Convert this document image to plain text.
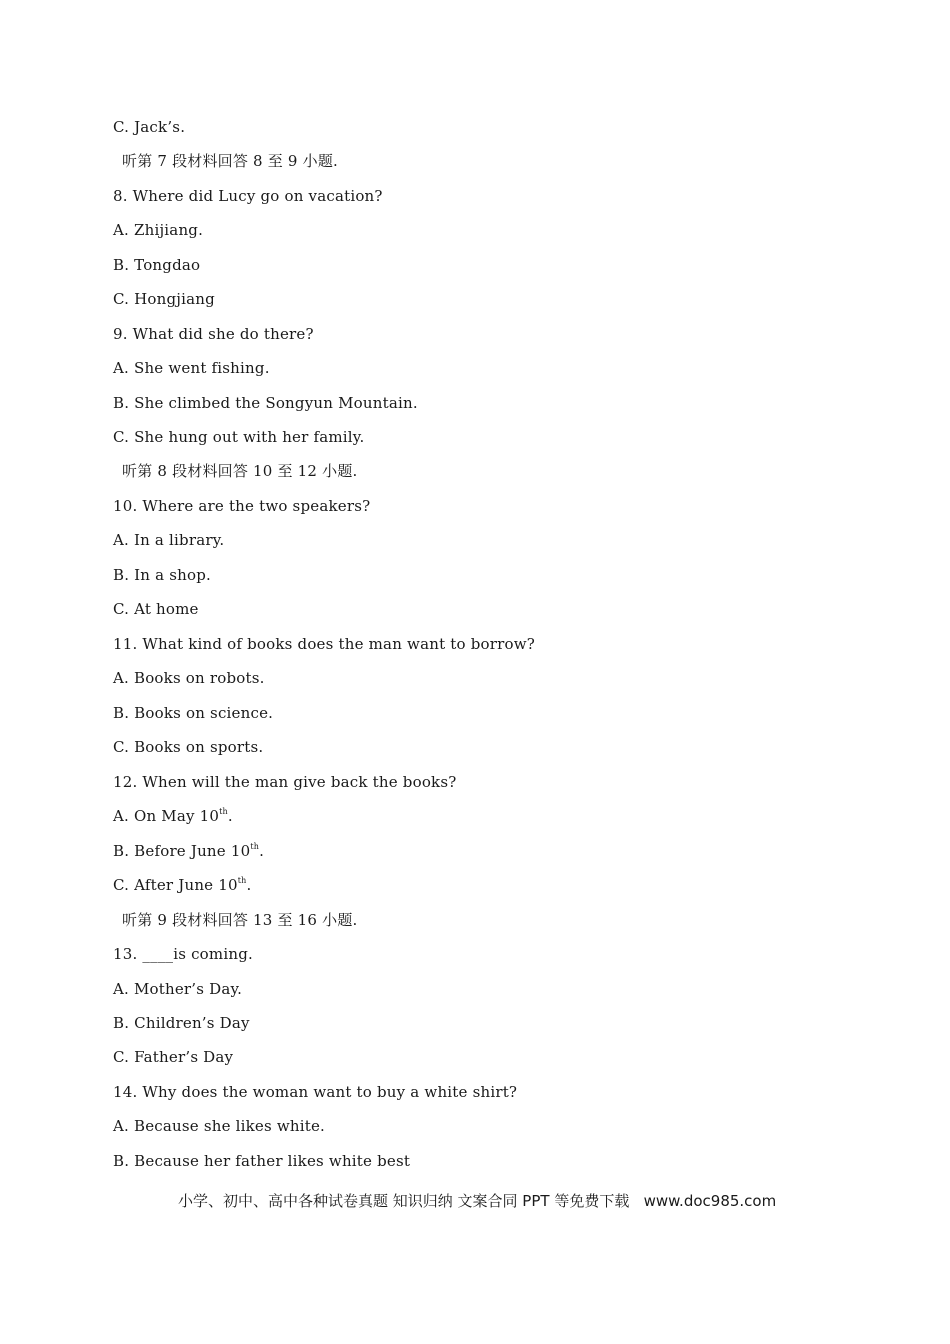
C. Jack’s.
听第 7 段材料回答 8 至 9 小题.
8. Where did Lucy go on vacation?
A. Zhijiang.
B. Tongdao
C. Hongjiang
9. What did she do there?
A. She went fishing.
B. She climbed the Songyun Mountain.
C. She hung out with her family.
听第 8 段材料回答 10 至 12 小题.
10. Where are the two speakers?
A. In a library.
B. In a shop.
C. At home
11. What kind of books does the man want to borrow?
A. Books on robots.
B. Books on science.
C. Books on sports.
12. When will the man give back the books?
A. On May 10th.
B. Before June 10th.
C. After June 10th.
听第 9 段材料回答 13 至 16 小题.
13. ____is coming.
A. Mother’s Day.
B. Children’s Day
C. Father’s Day
14. Why does the woman want to buy a white shirt?
A. Because she likes white.
B. Because her father likes white best
小学、初中、高中各种试卷真题 知识归纳 文案合同 PPT 等免费下载   www.doc985.com
